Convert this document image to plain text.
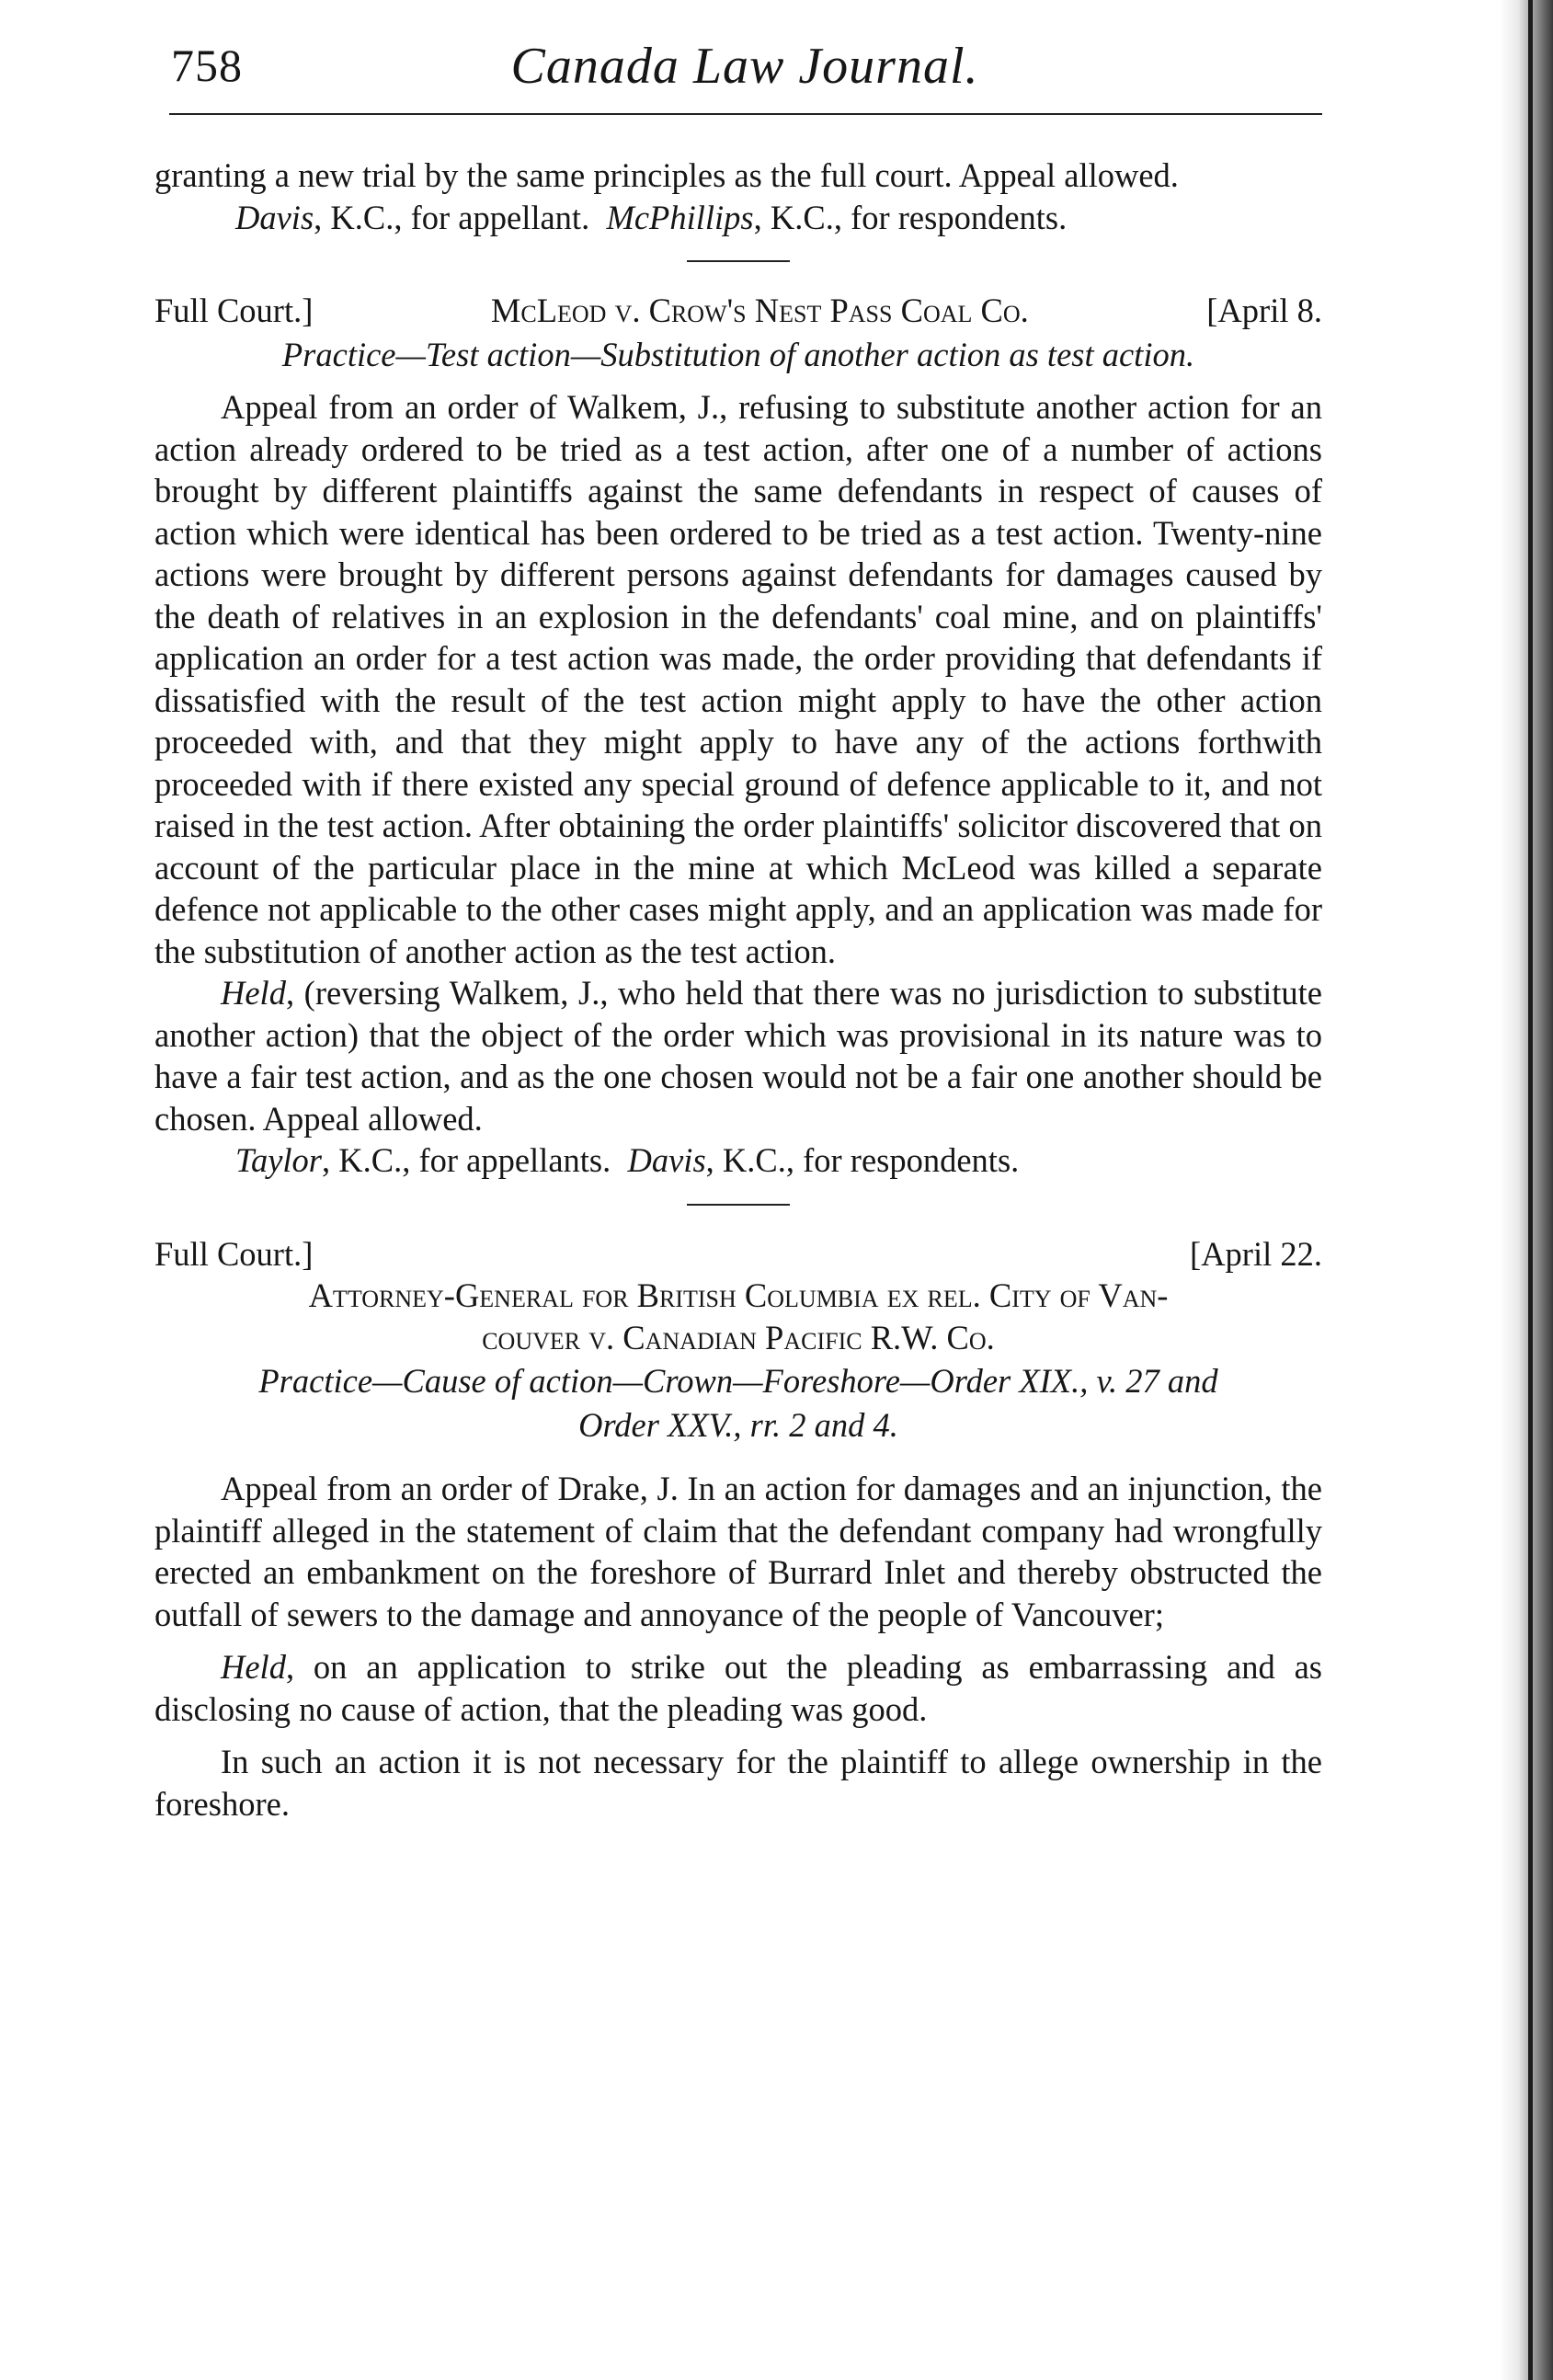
758	Canada Law Journal.

granting a new trial by the same principles as the full court. Appeal allowed.

Davis, K.C., for appellant. McPhillips, K.C., for respondents.

Full Court.]	McLeod v. Crow's Nest Pass Coal Co.	[April 8.

Practice—Test action—Substitution of another action as test action.

Appeal from an order of Walkem, J., refusing to substitute another action for an action already ordered to be tried as a test action, after one of a number of actions brought by different plaintiffs against the same defendants in respect of causes of action which were identical has been ordered to be tried as a test action. Twenty-nine actions were brought by different persons against defendants for damages caused by the death of relatives in an explosion in the defendants' coal mine, and on plaintiffs' application an order for a test action was made, the order providing that defendants if dissatisfied with the result of the test action might apply to have the other action proceeded with, and that they might apply to have any of the actions forthwith proceeded with if there existed any special ground of defence applicable to it, and not raised in the test action. After obtaining the order plaintiffs' solicitor discovered that on account of the particular place in the mine at which McLeod was killed a separate defence not applicable to the other cases might apply, and an application was made for the substitution of another action as the test action.

Held, (reversing Walkem, J., who held that there was no jurisdiction to substitute another action) that the object of the order which was provisional in its nature was to have a fair test action, and as the one chosen would not be a fair one another should be chosen. Appeal allowed.

Taylor, K.C., for appellants. Davis, K.C., for respondents.

Full Court.]	[April 22.

Attorney-General for British Columbia ex rel. City of Van-

couver v. Canadian Pacific R.W. Co.

Practice—Cause of action—Crown—Foreshore—Order XIX., v. 27 and

Order XXV., rr. 2 and 4.

Appeal from an order of Drake, J. In an action for damages and an injunction, the plaintiff alleged in the statement of claim that the defendant company had wrongfully erected an embankment on the foreshore of Burrard Inlet and thereby obstructed the outfall of sewers to the damage and annoyance of the people of Vancouver;

Held, on an application to strike out the pleading as embarrassing and as disclosing no cause of action, that the pleading was good.

In such an action it is not necessary for the plaintiff to allege ownership in the foreshore.
